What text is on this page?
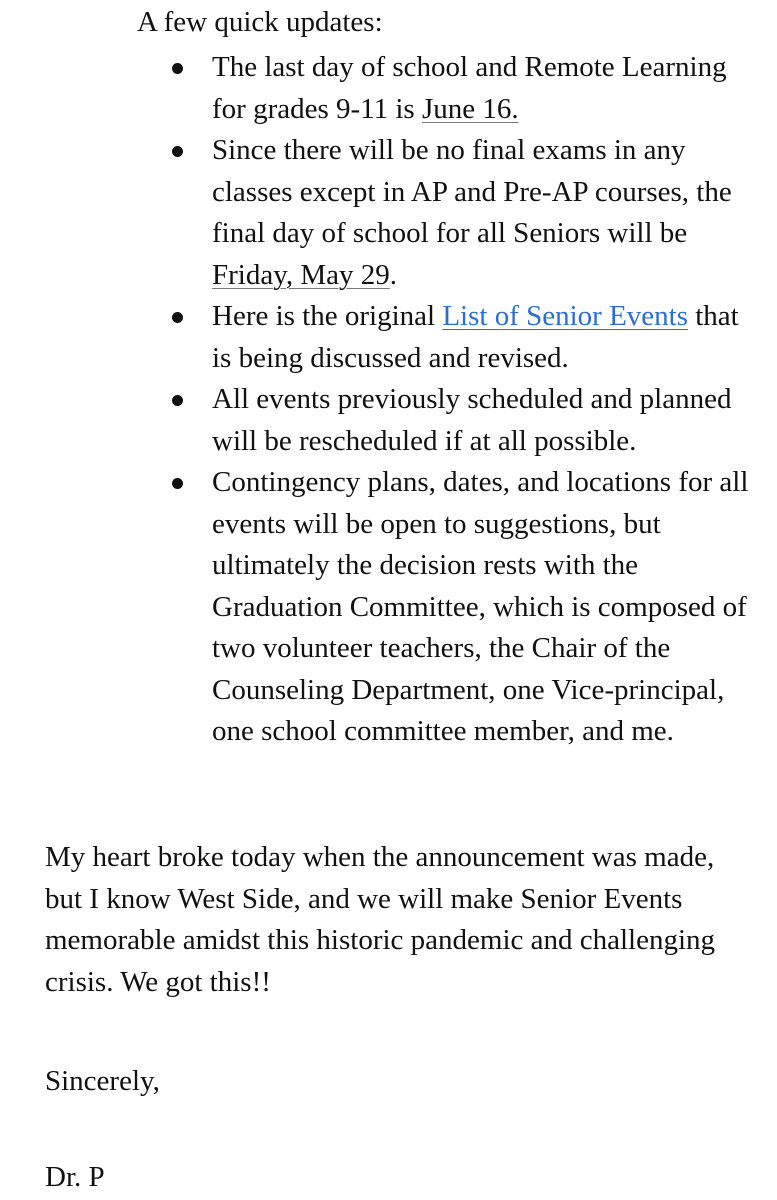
A few quick updates:

The last day of school and Remote Learning for grades 9-11 is June 16.
Since there will be no final exams in any classes except in AP and Pre-AP courses, the final day of school for all Seniors will be Friday, May 29.
Here is the original List of Senior Events that is being discussed and revised.
All events previously scheduled and planned will be rescheduled if at all possible.
Contingency plans, dates, and locations for all events will be open to suggestions, but ultimately the decision rests with the Graduation Committee, which is composed of two volunteer teachers, the Chair of the Counseling Department, one Vice-principal, one school committee member, and me.

My heart broke today when the announcement was made, but I know West Side, and we will make Senior Events memorable amidst this historic pandemic and challenging crisis. We got this!!

Sincerely,

Dr. P
